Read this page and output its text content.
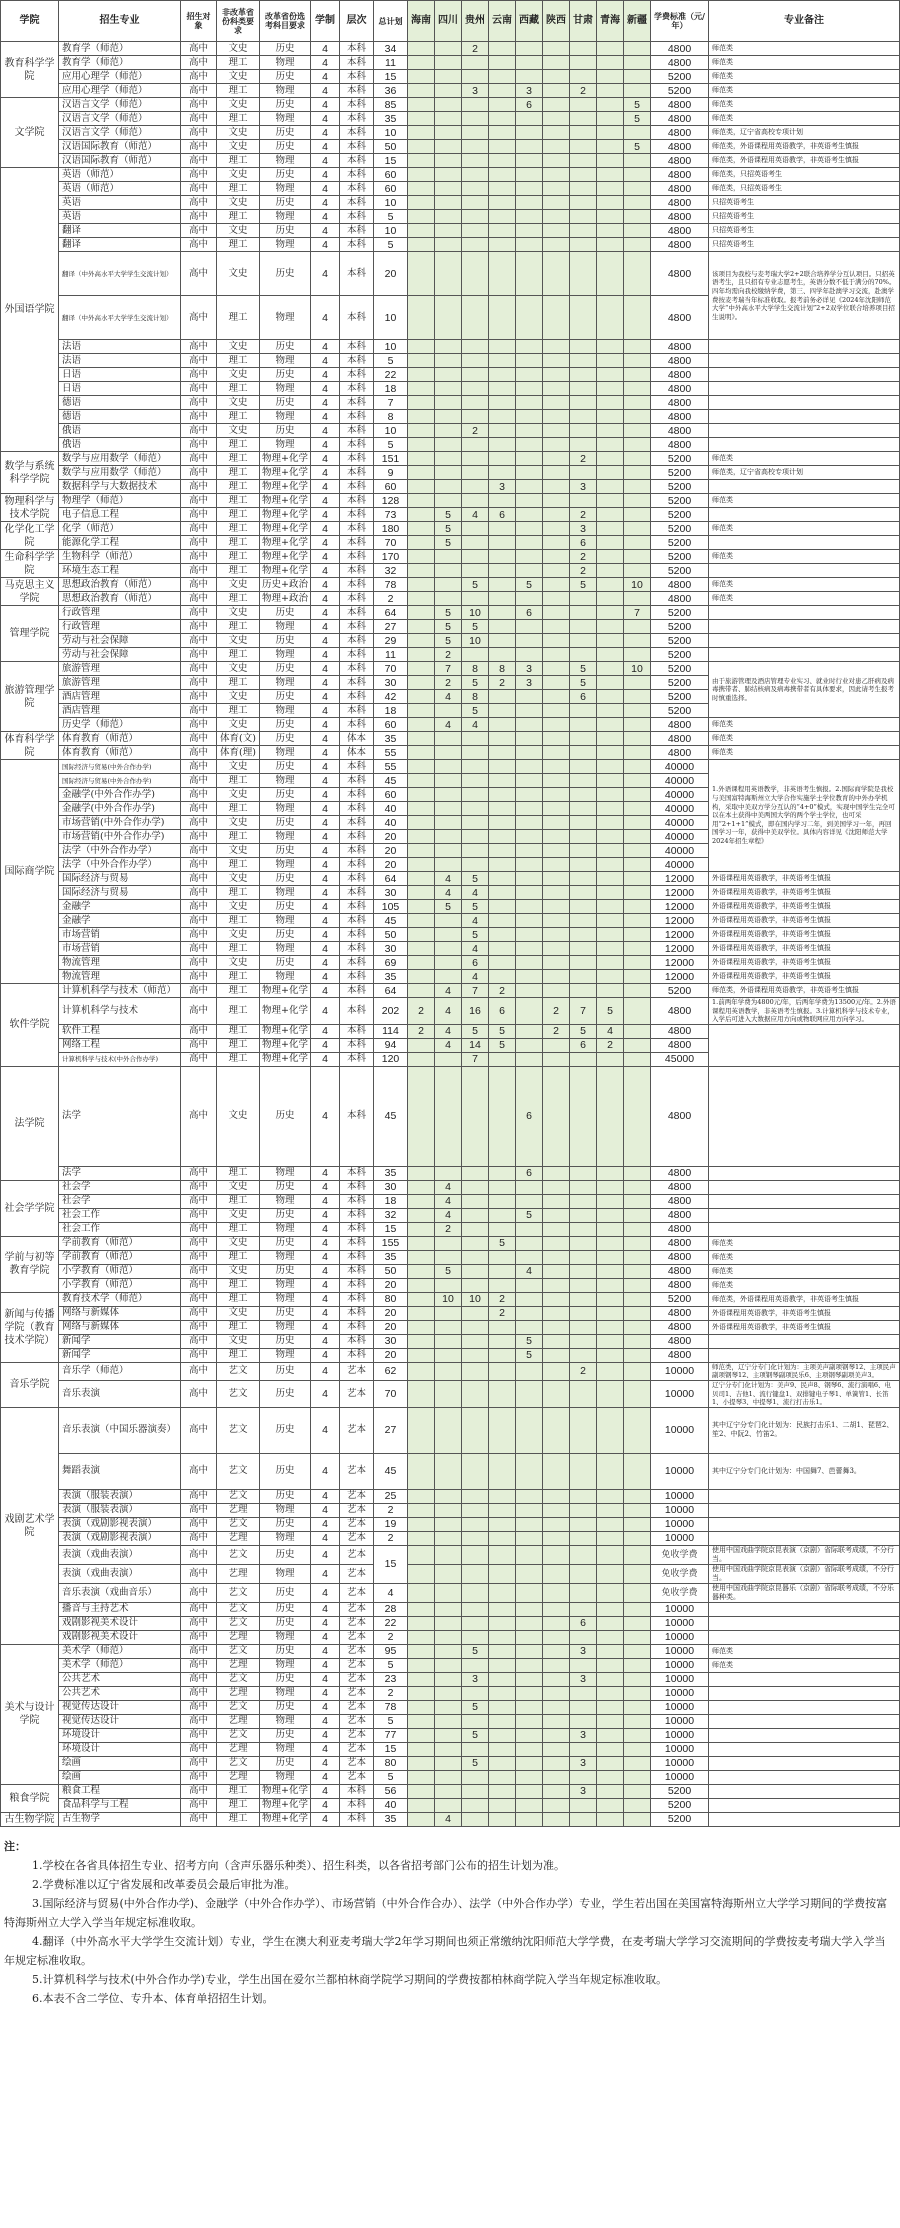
学院	招生专业	招生对象	非改革省份科类要求	改革省份选考科目要求	学制	层次	总计划	海南	四川	贵州	云南	西藏	陕西	甘肃	青海	新疆	学费标准（元/年）	专业备注
教育科学学院	教育学（师范）	高中	文史	历史	4	本科	34			2							4800	师范类
	教育学（师范）	高中	理工	物理	4	本科	11										4800	师范类
	应用心理学（师范）	高中	文史	历史	4	本科	15										5200	师范类
	应用心理学（师范）	高中	理工	物理	4	本科	36			3		3		2			5200	师范类
文学院	汉语言文学（师范）	高中	文史	历史	4	本科	85					6				5	4800	师范类
	汉语言文学（师范）	高中	理工	物理	4	本科	35									5	4800	师范类
	汉语言文学（师范）	高中	文史	历史	4	本科	10										4800	师范类，辽宁省高校专项计划
	汉语国际教育（师范）	高中	文史	历史	4	本科	50									5	4800	师范类，外语课程用英语教学，非英语考生慎报
	汉语国际教育（师范）	高中	理工	物理	4	本科	15										4800	师范类，外语课程用英语教学，非英语考生慎报
外国语学院	英语（师范）	高中	文史	历史	4	本科	60										4800	师范类，只招英语考生
	英语（师范）	高中	理工	物理	4	本科	60										4800	师范类，只招英语考生
	英语	高中	文史	历史	4	本科	10										4800	只招英语考生
	英语	高中	理工	物理	4	本科	5										4800	只招英语考生
	翻译	高中	文史	历史	4	本科	10										4800	只招英语考生
	翻译	高中	理工	物理	4	本科	5										4800	只招英语考生
	翻译（中外高水平大学学生交流计划）	高中	文史	历史	4	本科	20										4800	该项目为我校与麦考瑞大学2+2联合培养学分互认项目。只招英语考生，且只招有专业志愿考生，英语分数不低于满分的70%。四年均需向我校缴纳学费，第三、四学年赴澳学习交流，赴澳学费按麦考瑞当年标准收取。报考前务必详见《2024年沈阳师范大学“中外高水平大学学生交流计划”2+2双学位联合培养项目招生说明》。
	翻译（中外高水平大学学生交流计划）	高中	理工	物理	4	本科	10										4800	
	法语	高中	文史	历史	4	本科	10										4800	
	法语	高中	理工	物理	4	本科	5										4800	
	日语	高中	文史	历史	4	本科	22										4800	
	日语	高中	理工	物理	4	本科	18										4800	
	德语	高中	文史	历史	4	本科	7										4800	
	德语	高中	理工	物理	4	本科	8										4800	
	俄语	高中	文史	历史	4	本科	10			2							4800	
	俄语	高中	理工	物理	4	本科	5										4800	
数学与系统科学学院	数学与应用数学（师范）	高中	理工	物理+化学	4	本科	151							2			5200	师范类
	数学与应用数学（师范）	高中	理工	物理+化学	4	本科	9										5200	师范类，辽宁省高校专项计划
	数据科学与大数据技术	高中	理工	物理+化学	4	本科	60				3			3			5200	
物理科学与技术学院	物理学（师范）	高中	理工	物理+化学	4	本科	128										5200	师范类
	电子信息工程	高中	理工	物理+化学	4	本科	73		5	4	6			2			5200	
化学化工学院	化学（师范）	高中	理工	物理+化学	4	本科	180		5					3			5200	师范类
	能源化学工程	高中	理工	物理+化学	4	本科	70		5					6			5200	
生命科学学院	生物科学（师范）	高中	理工	物理+化学	4	本科	170							2			5200	师范类
	环境生态工程	高中	理工	物理+化学	4	本科	32							2			5200	
马克思主义学院	思想政治教育（师范）	高中	文史	历史+政治	4	本科	78			5		5		5		10	4800	师范类
	思想政治教育（师范）	高中	理工	物理+政治	4	本科	2										4800	师范类
管理学院	行政管理	高中	文史	历史	4	本科	64		5	10		6				7	5200	
	行政管理	高中	理工	物理	4	本科	27		5	5							5200	
	劳动与社会保障	高中	文史	历史	4	本科	29		5	10							5200	
	劳动与社会保障	高中	理工	物理	4	本科	11		2								5200	
旅游管理学院	旅游管理	高中	文史	历史	4	本科	70		7	8	8	3		5		10	5200	由于旅游管理及酒店管理专业实习、就业时行业对患乙肝病及病毒携带者、肺结核病及病毒携带者有具体要求，因此请考生报考时慎重选择。
	旅游管理	高中	理工	物理	4	本科	30		2	5	2	3		5			5200	
	酒店管理	高中	文史	历史	4	本科	42		4	8				6			5200	
	酒店管理	高中	理工	物理	4	本科	18			5							5200	
	历史学（师范）	高中	文史	历史	4	本科	60		4	4							4800	师范类
体育科学学院	体育教育（师范）	高中	体育(文)	历史	4	体本	35										4800	师范类
	体育教育（师范）	高中	体育(理)	物理	4	体本	55										4800	师范类
国际商学院	国际经济与贸易(中外合作办学)	高中	文史	历史	4	本科	55										40000	1.外语课程用英语教学，非英语考生慎报。2.国际商学院是我校与美国富特海斯州立大学合作实施学士学位教育的中外办学机构，采取中美双方学分互认的“4+0”模式，实现中国学生完全可以在本土获得中美两国大学的两个学士学位，也可采用“2+1+1”模式，即在国内学习二年，到美国学习一年，再回国学习一年，获得中美双学位。具体内容详见《沈阳师范大学2024年招生章程》
	国际经济与贸易(中外合作办学)	高中	理工	物理	4	本科	45										40000	
	金融学(中外合作办学)	高中	文史	历史	4	本科	60										40000	
	金融学(中外合作办学)	高中	理工	物理	4	本科	40										40000	
	市场营销(中外合作办学)	高中	文史	历史	4	本科	40										40000	
	市场营销(中外合作办学)	高中	理工	物理	4	本科	20										40000	
	法学（中外合作办学）	高中	文史	历史	4	本科	20										40000	
	法学（中外合作办学）	高中	理工	物理	4	本科	20										40000	
	国际经济与贸易	高中	文史	历史	4	本科	64		4	5							12000	外语课程用英语教学，非英语考生慎报
	国际经济与贸易	高中	理工	物理	4	本科	30		4	4							12000	外语课程用英语教学，非英语考生慎报
	金融学	高中	文史	历史	4	本科	105		5	5							12000	外语课程用英语教学，非英语考生慎报
	金融学	高中	理工	物理	4	本科	45			4							12000	外语课程用英语教学，非英语考生慎报
	市场营销	高中	文史	历史	4	本科	50			5							12000	外语课程用英语教学，非英语考生慎报
	市场营销	高中	理工	物理	4	本科	30			4							12000	外语课程用英语教学，非英语考生慎报
	物流管理	高中	文史	历史	4	本科	69			6							12000	外语课程用英语教学，非英语考生慎报
	物流管理	高中	理工	物理	4	本科	35			4							12000	外语课程用英语教学，非英语考生慎报
软件学院	计算机科学与技术（师范）	高中	理工	物理+化学	4	本科	64		4	7	2						5200	师范类，外语课程用英语教学，非英语考生慎报
	计算机科学与技术	高中	理工	物理+化学	4	本科	202	2	4	16	6		2	7	5		4800	1.前两年学费为4800元/年，后两年学费为13500元/年。2.外语课程用英语教学，非英语考生慎报。3.计算机科学与技术专业，入学后可进入大数据应用方向或物联网应用方向学习。
	软件工程	高中	理工	物理+化学	4	本科	114	2	4	5	5		2	5	4		4800	
	网络工程	高中	理工	物理+化学	4	本科	94		4	14	5			6	2		4800	
	计算机科学与技术(中外合作办学)	高中	理工	物理+化学	4	本科	120			7							45000	
法学院	法学	高中	文史	历史	4	本科	45					6					4800	
	法学	高中	理工	物理	4	本科	35					6					4800	
社会学学院	社会学	高中	文史	历史	4	本科	30		4								4800	
	社会学	高中	理工	物理	4	本科	18		4								4800	
	社会工作	高中	文史	历史	4	本科	32		4			5					4800	
	社会工作	高中	理工	物理	4	本科	15		2								4800	
学前与初等教育学院	学前教育（师范）	高中	文史	历史	4	本科	155				5						4800	师范类
	学前教育（师范）	高中	理工	物理	4	本科	35										4800	师范类
	小学教育（师范）	高中	文史	历史	4	本科	50		5			4					4800	师范类
	小学教育（师范）	高中	理工	物理	4	本科	20										4800	师范类
新闻与传播学院（教育技术学院）	教育技术学（师范）	高中	理工	物理	4	本科	80		10	10	2						5200	师范类，外语课程用英语教学，非英语考生慎报
	网络与新媒体	高中	文史	历史	4	本科	20				2						4800	外语课程用英语教学，非英语考生慎报
	网络与新媒体	高中	理工	物理	4	本科	20										4800	外语课程用英语教学，非英语考生慎报
	新闻学	高中	文史	历史	4	本科	30					5					4800	
	新闻学	高中	理工	物理	4	本科	20					5					4800	
音乐学院	音乐学（师范）	高中	艺文	历史	4	艺本	62							2			10000	师范类，辽宁分专门化计划为：主项美声副项钢琴12、主项民声副项钢琴12、主项钢琴副项民乐6、主项钢琴副项美声3。
	音乐表演	高中	艺文	历史	4	艺本	70										10000	辽宁分专门化计划为：美声9、民声8、钢琴6、流行演唱6、电贝司1、吉他1、流行键盘1、双排键电子琴1、单簧管1、长笛1、小提琴3、中提琴1、流行打击乐1。
戏剧艺术学院	音乐表演（中国乐器演奏）	高中	艺文	历史	4	艺本	27										10000	其中辽宁分专门化计划为：民族打击乐1、二胡1、琵琶2、笙2、中阮2、竹笛2。
	舞蹈表演	高中	艺文	历史	4	艺本	45										10000	其中辽宁分专门化计划为：中国舞7、芭蕾舞3。
	表演（服装表演）	高中	艺文	历史	4	艺本	25										10000	
	表演（服装表演）	高中	艺理	物理	4	艺本	2										10000	
	表演（戏剧影视表演）	高中	艺文	历史	4	艺本	19										10000	
	表演（戏剧影视表演）	高中	艺理	物理	4	艺本	2										10000	
	表演（戏曲表演）	高中	艺文	历史	4	艺本	15										免收学费	使用中国戏曲学院京昆表演（京剧）省际联考成绩，不分行当。
	表演（戏曲表演）	高中	艺理	物理	4	艺本											免收学费	使用中国戏曲学院京昆表演（京剧）省际联考成绩，不分行当。
	音乐表演（戏曲音乐）	高中	艺文	历史	4	艺本	4										免收学费	使用中国戏曲学院京昆器乐（京剧）省际联考成绩，不分乐器种类。
	播音与主持艺术	高中	艺文	历史	4	艺本	28										10000	
	戏剧影视美术设计	高中	艺文	历史	4	艺本	22							6			10000	
	戏剧影视美术设计	高中	艺理	物理	4	艺本	2										10000	
美术与设计学院	美术学（师范）	高中	艺文	历史	4	艺本	95			5				3			10000	师范类
	美术学（师范）	高中	艺理	物理	4	艺本	5										10000	师范类
	公共艺术	高中	艺文	历史	4	艺本	23			3				3			10000	
	公共艺术	高中	艺理	物理	4	艺本	2										10000	
	视觉传达设计	高中	艺文	历史	4	艺本	78			5							10000	
	视觉传达设计	高中	艺理	物理	4	艺本	5										10000	
	环境设计	高中	艺文	历史	4	艺本	77			5				3			10000	
	环境设计	高中	艺理	物理	4	艺本	15										10000	
	绘画	高中	艺文	历史	4	艺本	80			5				3			10000	
	绘画	高中	艺理	物理	4	艺本	5										10000	
粮食学院	粮食工程	高中	理工	物理+化学	4	本科	56							3			5200	
	食品科学与工程	高中	理工	物理+化学	4	本科	40										5200	
古生物学院	古生物学	高中	理工	物理+化学	4	本科	35		4								5200	
注：

1.学校在各省具体招生专业、招考方向（含声乐器乐种类）、招生科类，以各省招考部门公布的招生计划为准。

2.学费标准以辽宁省发展和改革委员会最后审批为准。

3.国际经济与贸易(中外合作办学)、金融学（中外合作办学）、市场营销（中外合作合办）、法学（中外合作办学）专业，学生若出国在美国富特海斯州立大学学习期间的学费按富特海斯州立大学入学当年规定标准收取。

4.翻译（中外高水平大学学生交流计划）专业，学生在澳大利亚麦考瑞大学2年学习期间也须正常缴纳沈阳师范大学学费，在麦考瑞大学学习交流期间的学费按麦考瑞大学入学当年规定标准收取。

5.计算机科学与技术(中外合作办学)专业，学生出国在爱尔兰都柏林商学院学习期间的学费按都柏林商学院入学当年规定标准收取。

6.本表不含二学位、专升本、体育单招招生计划。
